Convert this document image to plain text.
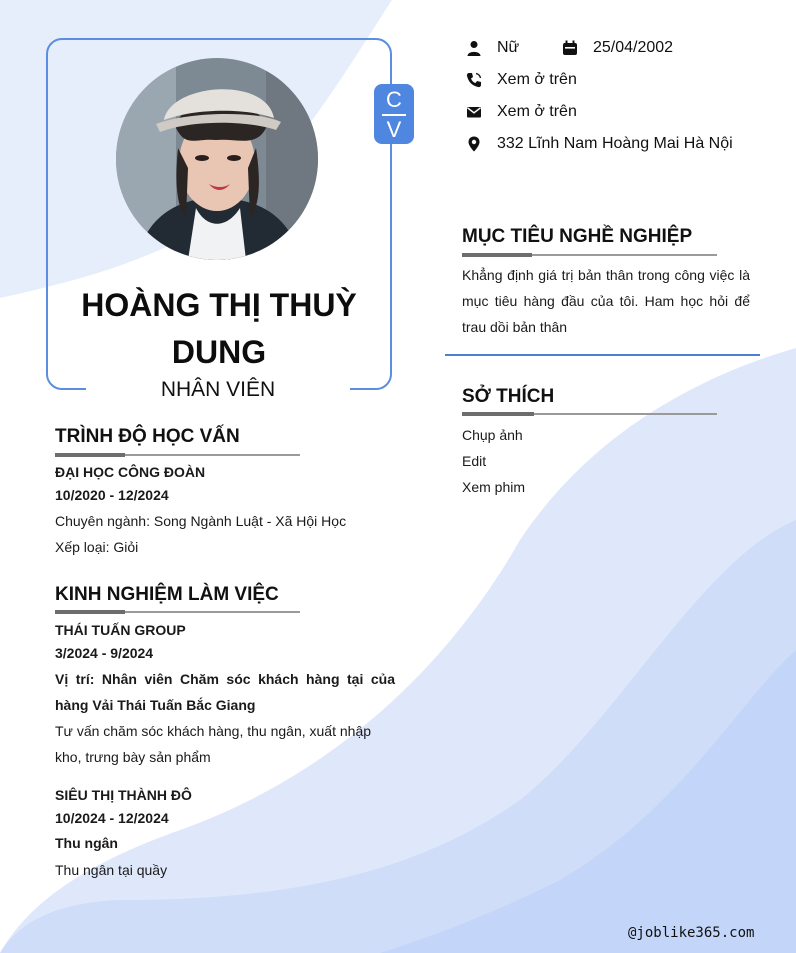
C
V
HOÀNG THỊ THUỲ DUNG
NHÂN VIÊN
Nữ	25/04/2002
Xem ở trên
Xem ở trên
332 Lĩnh Nam Hoàng Mai Hà Nội
MỤC TIÊU NGHỀ NGHIỆP
Khẳng định giá trị bản thân trong công việc là mục tiêu hàng đầu của tôi. Ham học hỏi để trau dồi bản thân
SỞ THÍCH
Chụp ảnh
Edit
Xem phim
TRÌNH ĐỘ HỌC VẤN
ĐẠI HỌC CÔNG ĐOÀN
10/2020 - 12/2024
Chuyên ngành: Song Ngành Luật - Xã Hội Học
Xếp loại: Giỏi
KINH NGHIỆM LÀM VIỆC
THÁI TUẤN GROUP
3/2024 - 9/2024
Vị trí: Nhân viên Chăm sóc khách hàng tại của hàng Vải Thái Tuấn Bắc Giang
Tư vấn chăm sóc khách hàng, thu ngân, xuất nhập kho, trưng bày sản phẩm
SIÊU THỊ THÀNH ĐÔ
10/2024 - 12/2024
Thu ngân
Thu ngân tại quầy
@joblike365.com
